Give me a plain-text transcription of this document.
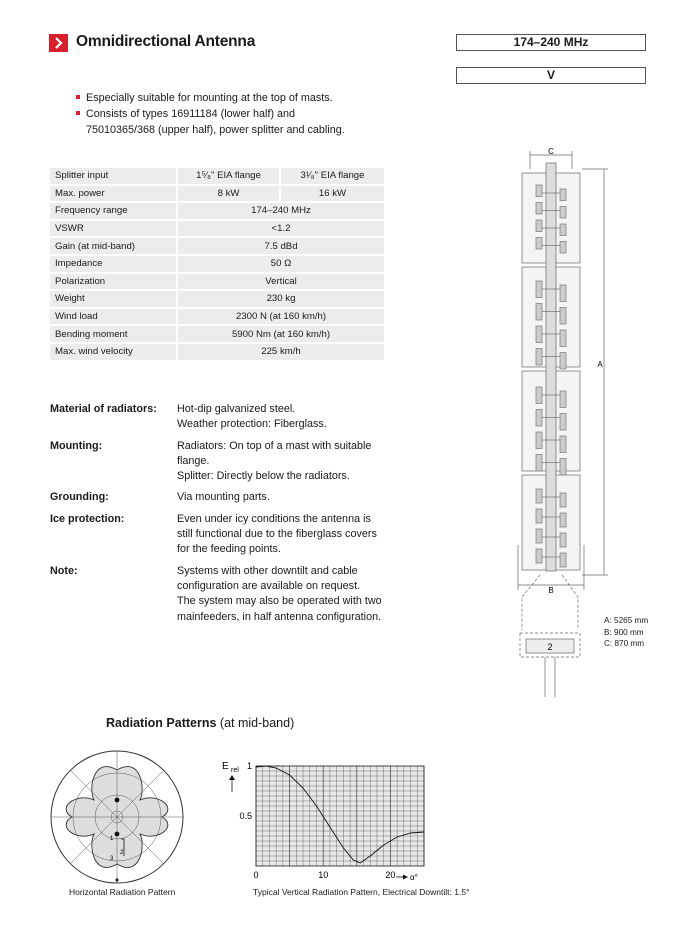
Omnidirectional Antenna	174–240 MHz
V
Especially suitable for mounting at the top of masts.
Consists of types 16911184 (lower half) and
75010365/368 (upper half), power splitter and cabling.
Splitter input	1⁵⁄₈" EIA flange	3¹⁄₈" EIA flange
Max. power	8 kW	16 kW
Frequency range	174–240 MHz	
VSWR	<1.2	
Gain (at mid-band)	7.5 dBd	
Impedance	50 Ω	
Polarization	Vertical	
Weight	230 kg	
Wind load	2300 N (at 160 km/h)	
Bending moment	5900 Nm (at 160 km/h)	
Max. wind velocity	225 km/h	
Material of radiators:	Hot-dip galvanized steel.
Weather protection: Fiberglass.
Mounting:	Radiators: On top of a mast with suitable
flange.
Splitter: Directly below the radiators.
Grounding:	Via mounting parts.
Ice protection:	Even under icy conditions the antenna is
still functional due to the fiberglass covers
for the feeding points.
Note:	Systems with other downtilt and cable
configuration are available on request.
The system may also be operated with two
mainfeeders, in half antenna configuration.
C
A
B
2
A: 5265 mm
B: 900 mm
C: 870 mm
Radiation Patterns (at mid-band)
1
2
3
Horizontal Radiation Pattern
E rel
0	10	20
0.5
1
α°
Typical Vertical Radiation Pattern, Electrical Downtilt: 1.5°
